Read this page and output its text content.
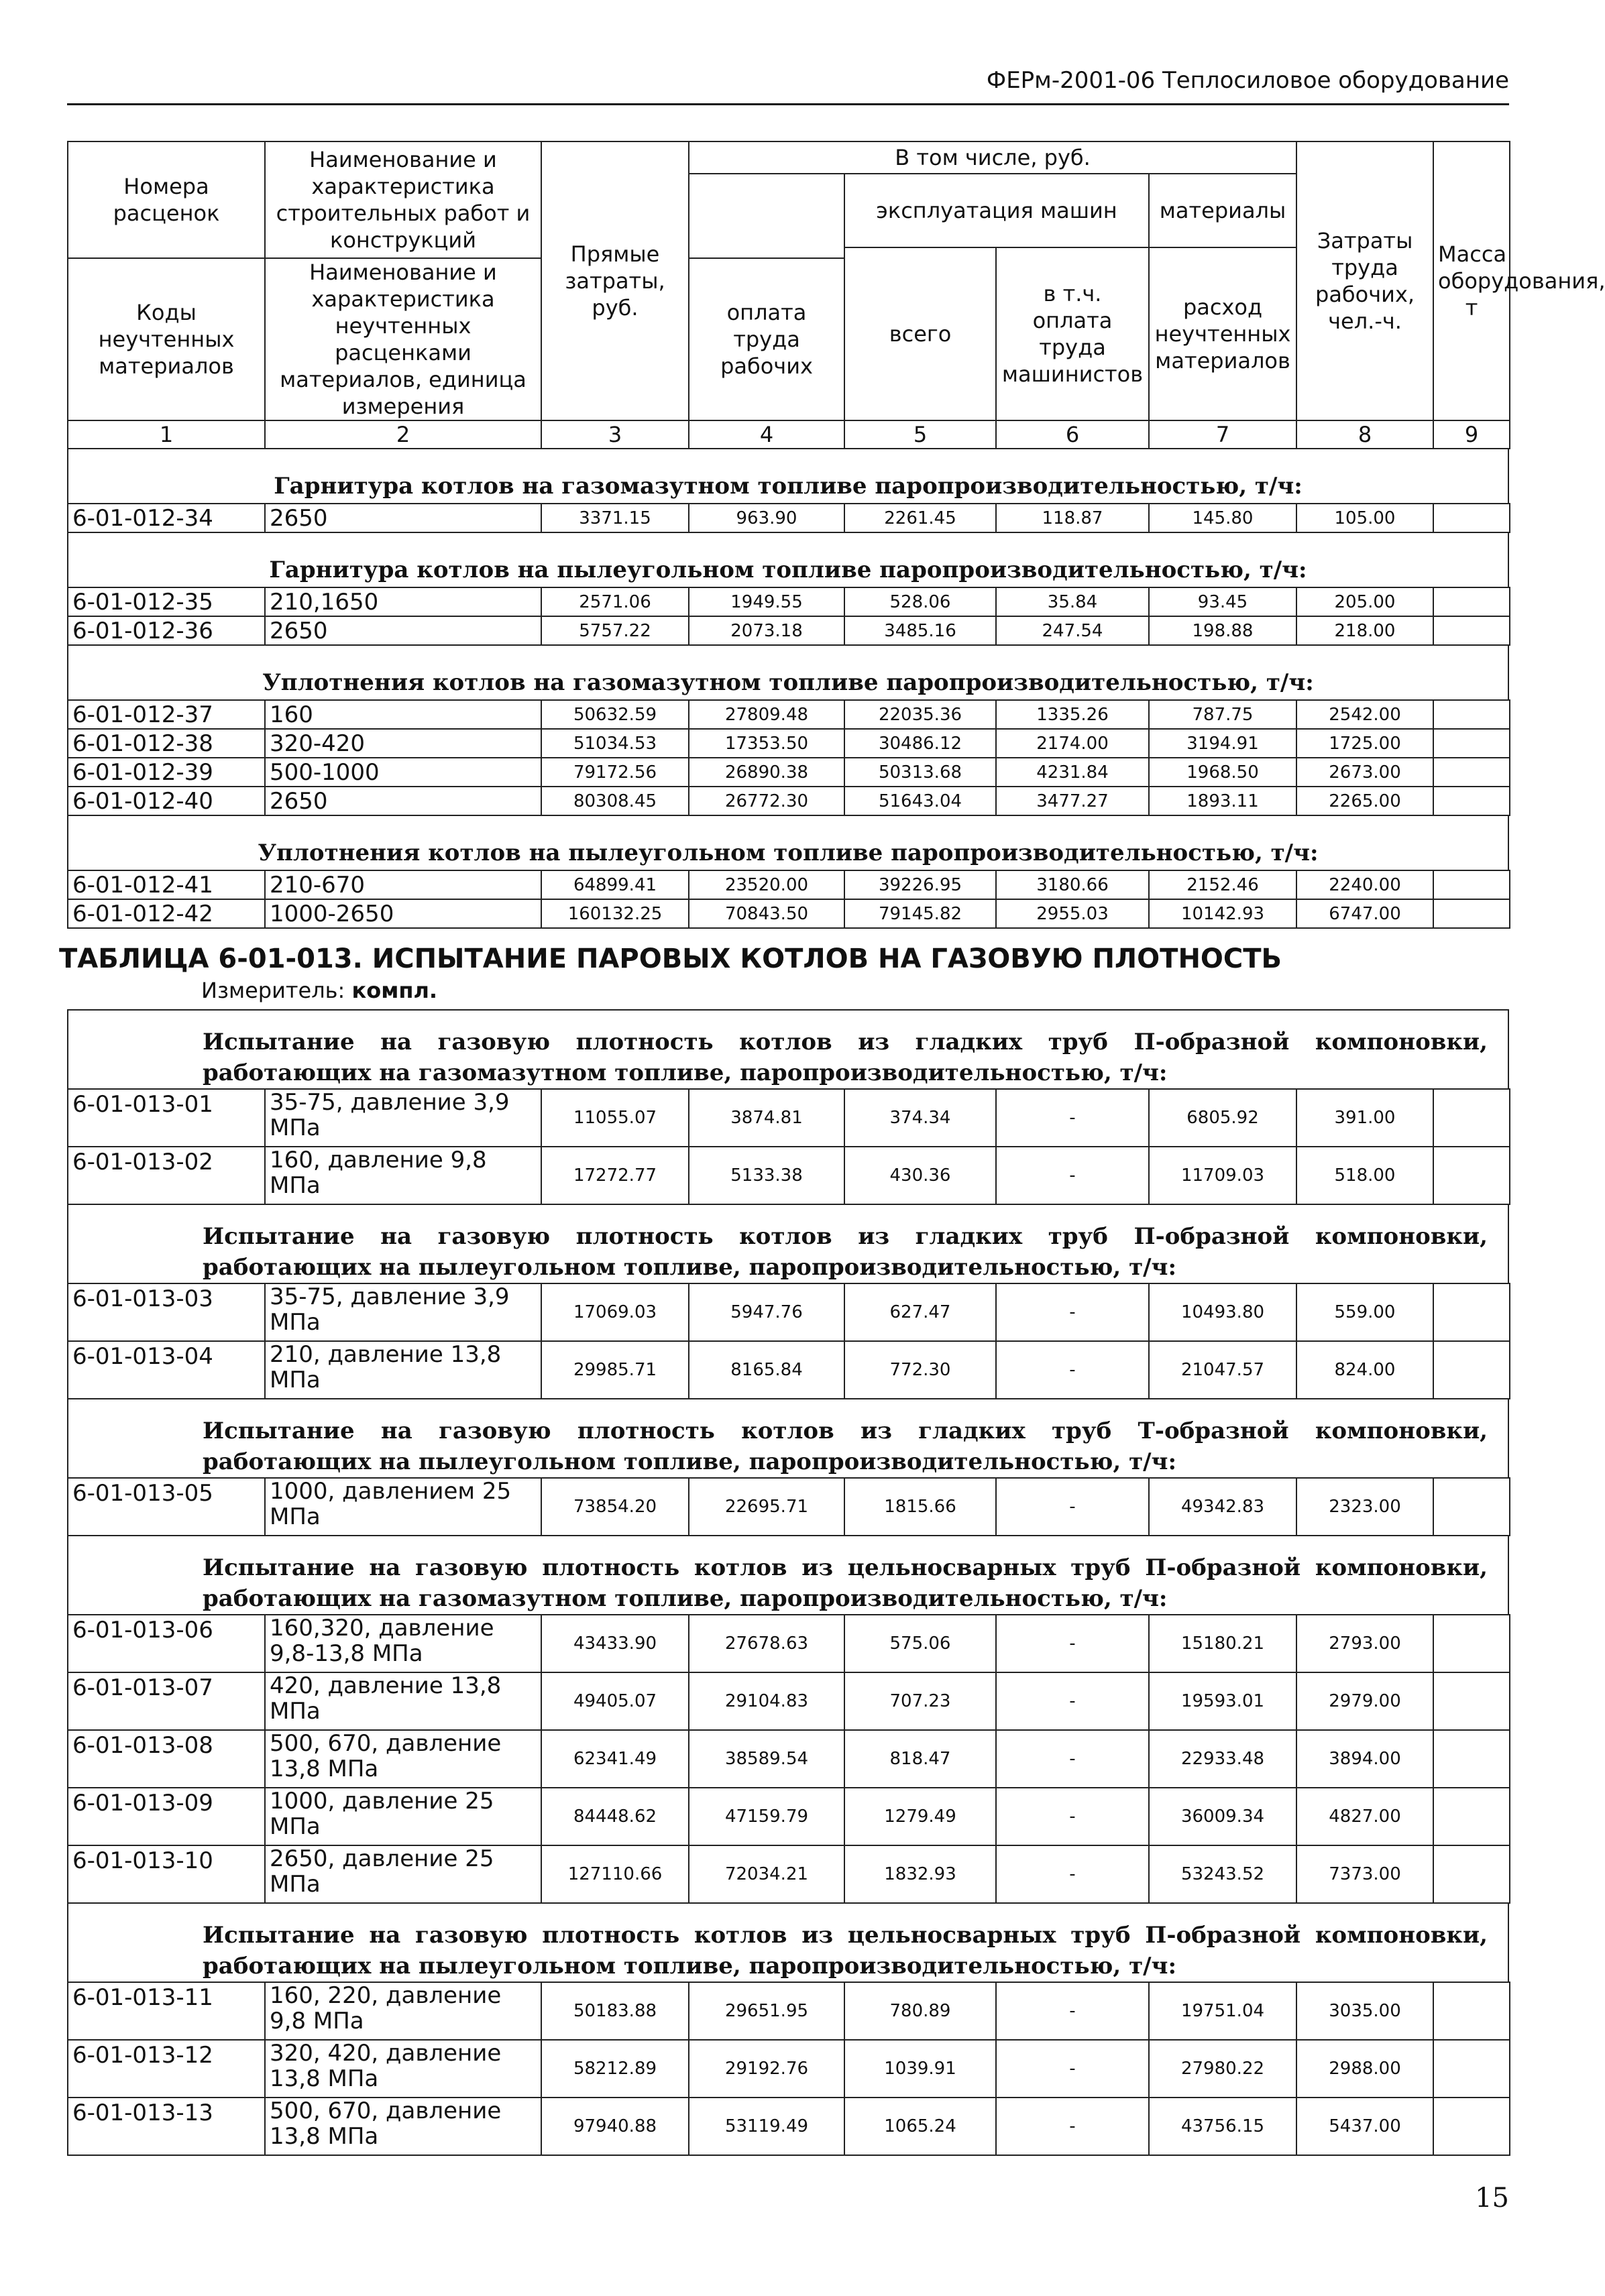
ФЕРм-2001-06 Теплосиловое оборудование
Номера расценок	Наименование и характеристика строительных работ и конструкций	Прямые затраты, руб.	В том числе, руб.				Затраты труда рабочих, чел.-ч.	Масса оборудования, т
				эксплуатация машин		материалы		
				всего	в т.ч. оплата труда машинистов	расход неучтенных материалов		
Коды неучтенных материалов	Наименование и характеристика неучтенных расценками материалов, единица измерения		оплата труда рабочих					

1	2	3	4	5	6	7	8	9
Гарнитура котлов на газомазутном топливе паропроизводительностью, т/ч:
6-01-012-34	2650	3371.15	963.90	2261.45	118.87	145.80	105.00	
Гарнитура котлов на пылеугольном топливе паропроизводительностью, т/ч:
6-01-012-35	210,1650	2571.06	1949.55	528.06	35.84	93.45	205.00	
6-01-012-36	2650	5757.22	2073.18	3485.16	247.54	198.88	218.00	
Уплотнения котлов на газомазутном топливе паропроизводительностью, т/ч:
6-01-012-37	160	50632.59	27809.48	22035.36	1335.26	787.75	2542.00	
6-01-012-38	320-420	51034.53	17353.50	30486.12	2174.00	3194.91	1725.00	
6-01-012-39	500-1000	79172.56	26890.38	50313.68	4231.84	1968.50	2673.00	
6-01-012-40	2650	80308.45	26772.30	51643.04	3477.27	1893.11	2265.00	
Уплотнения котлов на пылеугольном топливе паропроизводительностью, т/ч:
6-01-012-41	210-670	64899.41	23520.00	39226.95	3180.66	2152.46	2240.00	
6-01-012-42	1000-2650	160132.25	70843.50	79145.82	2955.03	10142.93	6747.00	
ТАБЛИЦА 6-01-013. ИСПЫТАНИЕ ПАРОВЫХ КОТЛОВ НА ГАЗОВУЮ ПЛОТНОСТЬ
Измеритель: компл.
Испытание на газовую плотность котлов из гладких труб П-образной компоновки, работающих на газомазутном топливе, паропроизводительностью, т/ч:
6-01-013-01	35-75, давление 3,9 МПа	11055.07	3874.81	374.34	-	6805.92	391.00	
6-01-013-02	160, давление 9,8 МПа	17272.77	5133.38	430.36	-	11709.03	518.00	
Испытание на газовую плотность котлов из гладких труб П-образной компоновки, работающих на пылеугольном топливе, паропроизводительностью, т/ч:
6-01-013-03	35-75, давление 3,9 МПа	17069.03	5947.76	627.47	-	10493.80	559.00	
6-01-013-04	210, давление 13,8 МПа	29985.71	8165.84	772.30	-	21047.57	824.00	
Испытание на газовую плотность котлов из гладких труб Т-образной компоновки, работающих на пылеугольном топливе, паропроизводительностью, т/ч:
6-01-013-05	1000, давлением 25 МПа	73854.20	22695.71	1815.66	-	49342.83	2323.00	
Испытание на газовую плотность котлов из цельносварных труб П-образной компоновки, работающих на газомазутном топливе, паропроизводительностью, т/ч:
6-01-013-06	160,320, давление 9,8-13,8 МПа	43433.90	27678.63	575.06	-	15180.21	2793.00	
6-01-013-07	420, давление 13,8 МПа	49405.07	29104.83	707.23	-	19593.01	2979.00	
6-01-013-08	500, 670, давление 13,8 МПа	62341.49	38589.54	818.47	-	22933.48	3894.00	
6-01-013-09	1000, давление 25 МПа	84448.62	47159.79	1279.49	-	36009.34	4827.00	
6-01-013-10	2650, давление 25 МПа	127110.66	72034.21	1832.93	-	53243.52	7373.00	
Испытание на газовую плотность котлов из цельносварных труб П-образной компоновки, работающих на пылеугольном топливе, паропроизводительностью, т/ч:
6-01-013-11	160, 220, давление 9,8 МПа	50183.88	29651.95	780.89	-	19751.04	3035.00	
6-01-013-12	320, 420, давление 13,8 МПа	58212.89	29192.76	1039.91	-	27980.22	2988.00	
6-01-013-13	500, 670, давление 13,8 МПа	97940.88	53119.49	1065.24	-	43756.15	5437.00	
15
